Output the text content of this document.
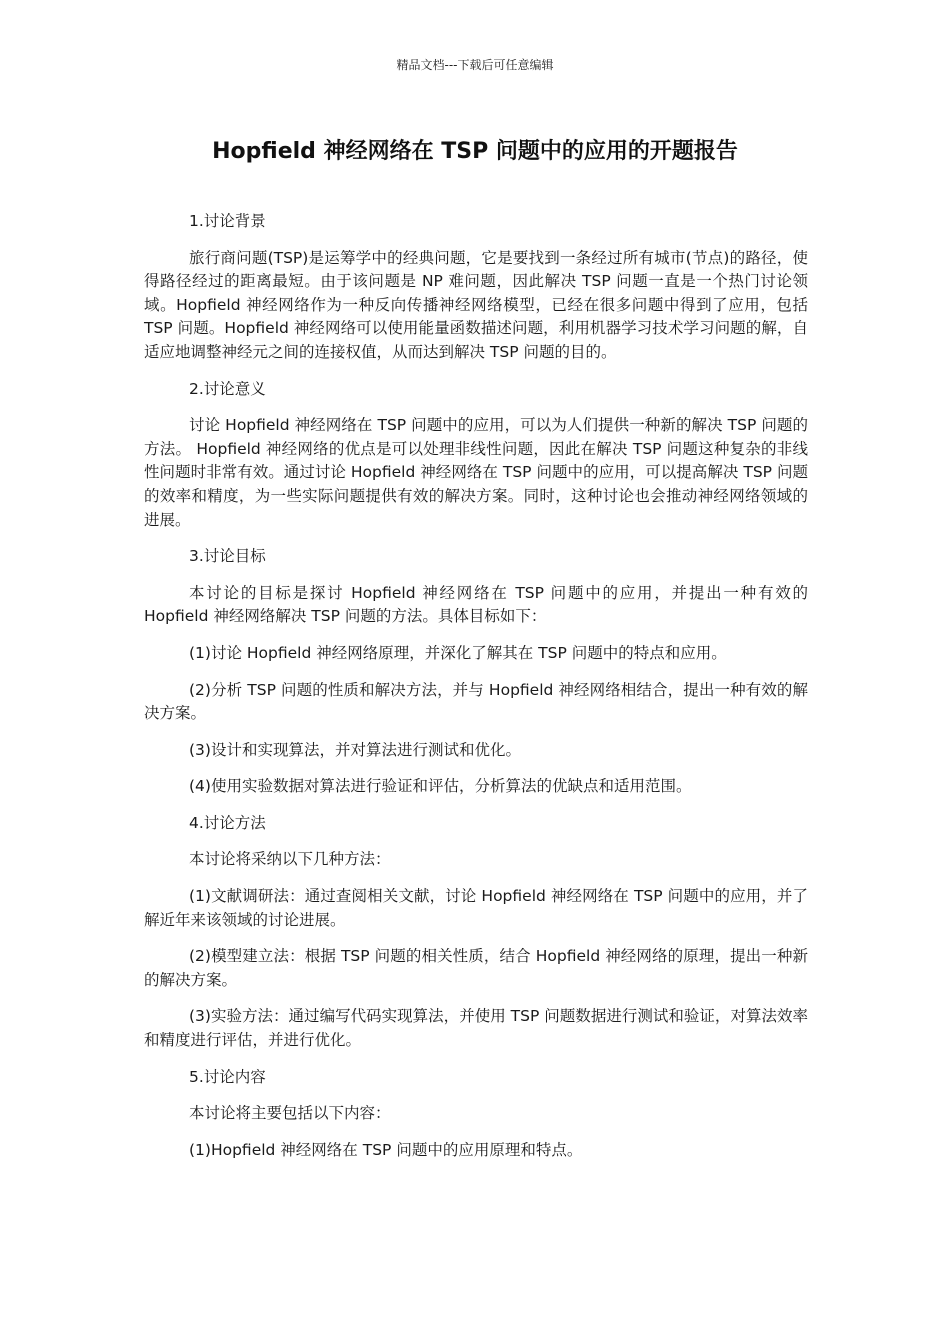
精品文档---下载后可任意编辑
Hopfield 神经网络在 TSP 问题中的应用的开题报告

1.讨论背景

旅行商问题(TSP)是运筹学中的经典问题，它是要找到一条经过所有城市(节点)的路径，使得路径经过的距离最短。由于该问题是 NP 难问题，因此解决 TSP 问题一直是一个热门讨论领域。Hopfield 神经网络作为一种反向传播神经网络模型，已经在很多问题中得到了应用，包括 TSP 问题。Hopfield 神经网络可以使用能量函数描述问题，利用机器学习技术学习问题的解，自适应地调整神经元之间的连接权值，从而达到解决 TSP 问题的目的。

2.讨论意义

讨论 Hopfield 神经网络在 TSP 问题中的应用，可以为人们提供一种新的解决 TSP 问题的方法。 Hopfield 神经网络的优点是可以处理非线性问题，因此在解决 TSP 问题这种复杂的非线性问题时非常有效。通过讨论 Hopfield 神经网络在 TSP 问题中的应用，可以提高解决 TSP 问题的效率和精度，为一些实际问题提供有效的解决方案。同时，这种讨论也会推动神经网络领域的进展。

3.讨论目标

本讨论的目标是探讨 Hopfield 神经网络在 TSP 问题中的应用，并提出一种有效的 Hopfield 神经网络解决 TSP 问题的方法。具体目标如下：

(1)讨论 Hopfield 神经网络原理，并深化了解其在 TSP 问题中的特点和应用。

(2)分析 TSP 问题的性质和解决方法，并与 Hopfield 神经网络相结合，提出一种有效的解决方案。

(3)设计和实现算法，并对算法进行测试和优化。

(4)使用实验数据对算法进行验证和评估，分析算法的优缺点和适用范围。

4.讨论方法

本讨论将采纳以下几种方法：

(1)文献调研法：通过查阅相关文献，讨论 Hopfield 神经网络在 TSP 问题中的应用，并了解近年来该领域的讨论进展。

(2)模型建立法：根据 TSP 问题的相关性质，结合 Hopfield 神经网络的原理，提出一种新的解决方案。

(3)实验方法：通过编写代码实现算法，并使用 TSP 问题数据进行测试和验证，对算法效率和精度进行评估，并进行优化。

5.讨论内容

本讨论将主要包括以下内容：

(1)Hopfield 神经网络在 TSP 问题中的应用原理和特点。
